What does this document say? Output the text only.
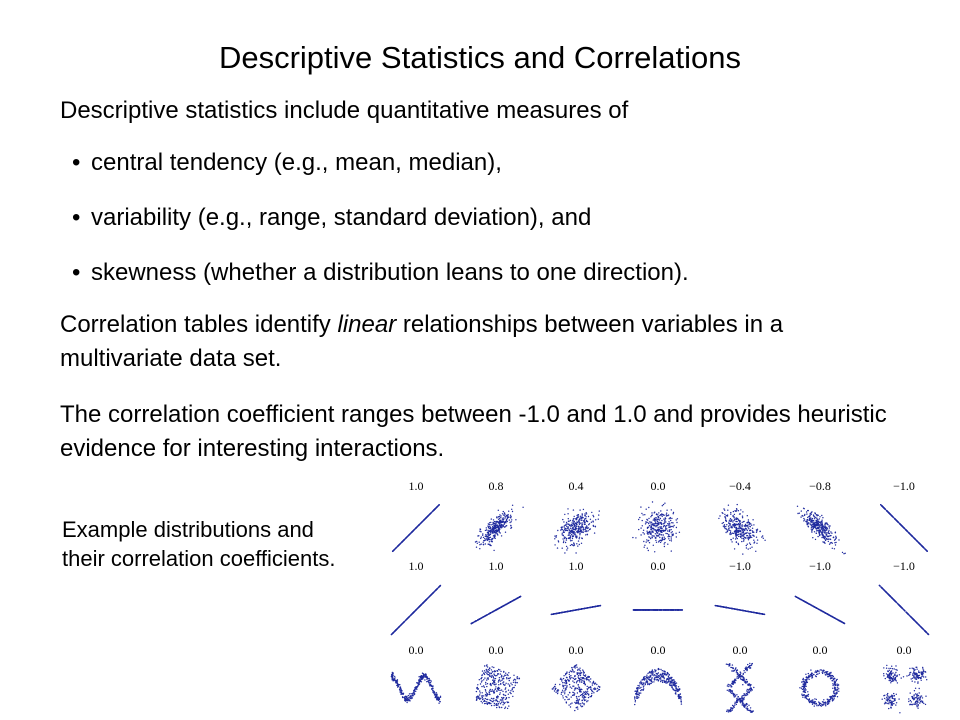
Descriptive Statistics and Correlations
Descriptive statistics include quantitative measures of
• central tendency (e.g., mean, median),
• variability (e.g., range, standard deviation), and
• skewness (whether a distribution leans to one direction).
Correlation tables identify linear relationships between variables in a multivariate data set.
The correlation coefficient ranges between -1.0 and 1.0 and provides heuristic evidence for interesting interactions.
Example distributions and their correlation coefficients.
1.0	0.8	0.4	0.0	−0.4	−0.8	−1.0
1.0	1.0	1.0	0.0	−1.0	−1.0	−1.0
0.0	0.0	0.0	0.0	0.0	0.0	0.0
